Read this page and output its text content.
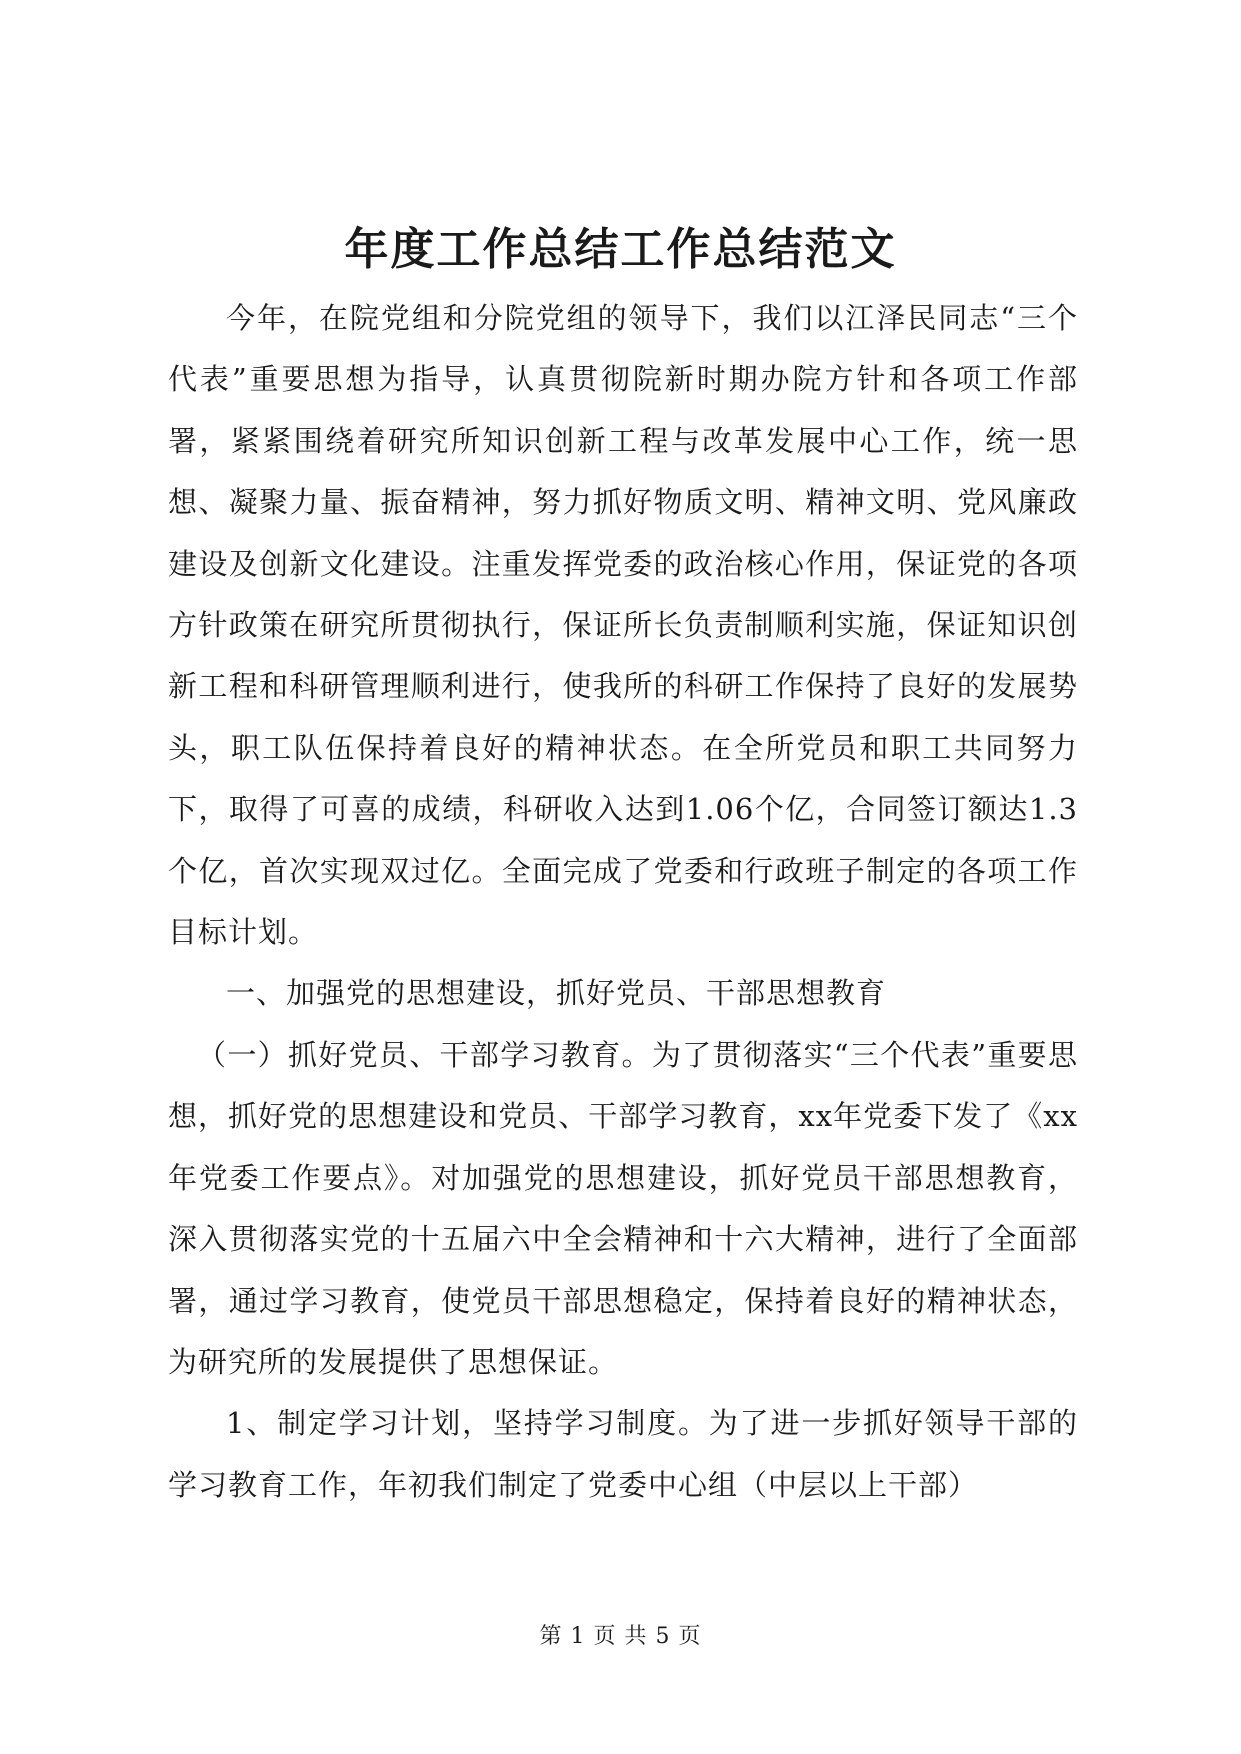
年度工作总结工作总结范文

今年，在院党组和分院党组的领导下，我们以江泽民同志“三个代表”重要思想为指导，认真贯彻院新时期办院方针和各项工作部署，紧紧围绕着研究所知识创新工程与改革发展中心工作，统一思想、凝聚力量、振奋精神，努力抓好物质文明、精神文明、党风廉政建设及创新文化建设。注重发挥党委的政治核心作用，保证党的各项方针政策在研究所贯彻执行，保证所长负责制顺利实施，保证知识创新工程和科研管理顺利进行，使我所的科研工作保持了良好的发展势头，职工队伍保持着良好的精神状态。在全所党员和职工共同努力下，取得了可喜的成绩，科研收入达到1.06个亿，合同签订额达1.3个亿，首次实现双过亿。全面完成了党委和行政班子制定的各项工作目标计划。

一、加强党的思想建设，抓好党员、干部思想教育

（一）抓好党员、干部学习教育。为了贯彻落实“三个代表”重要思想，抓好党的思想建设和党员、干部学习教育，xx年党委下发了《xx年党委工作要点》。对加强党的思想建设，抓好党员干部思想教育，深入贯彻落实党的十五届六中全会精神和十六大精神，进行了全面部署，通过学习教育，使党员干部思想稳定，保持着良好的精神状态，为研究所的发展提供了思想保证。

1、制定学习计划，坚持学习制度。为了进一步抓好领导干部的学习教育工作，年初我们制定了党委中心组（中层以上干部）

第 1 页 共 5 页
